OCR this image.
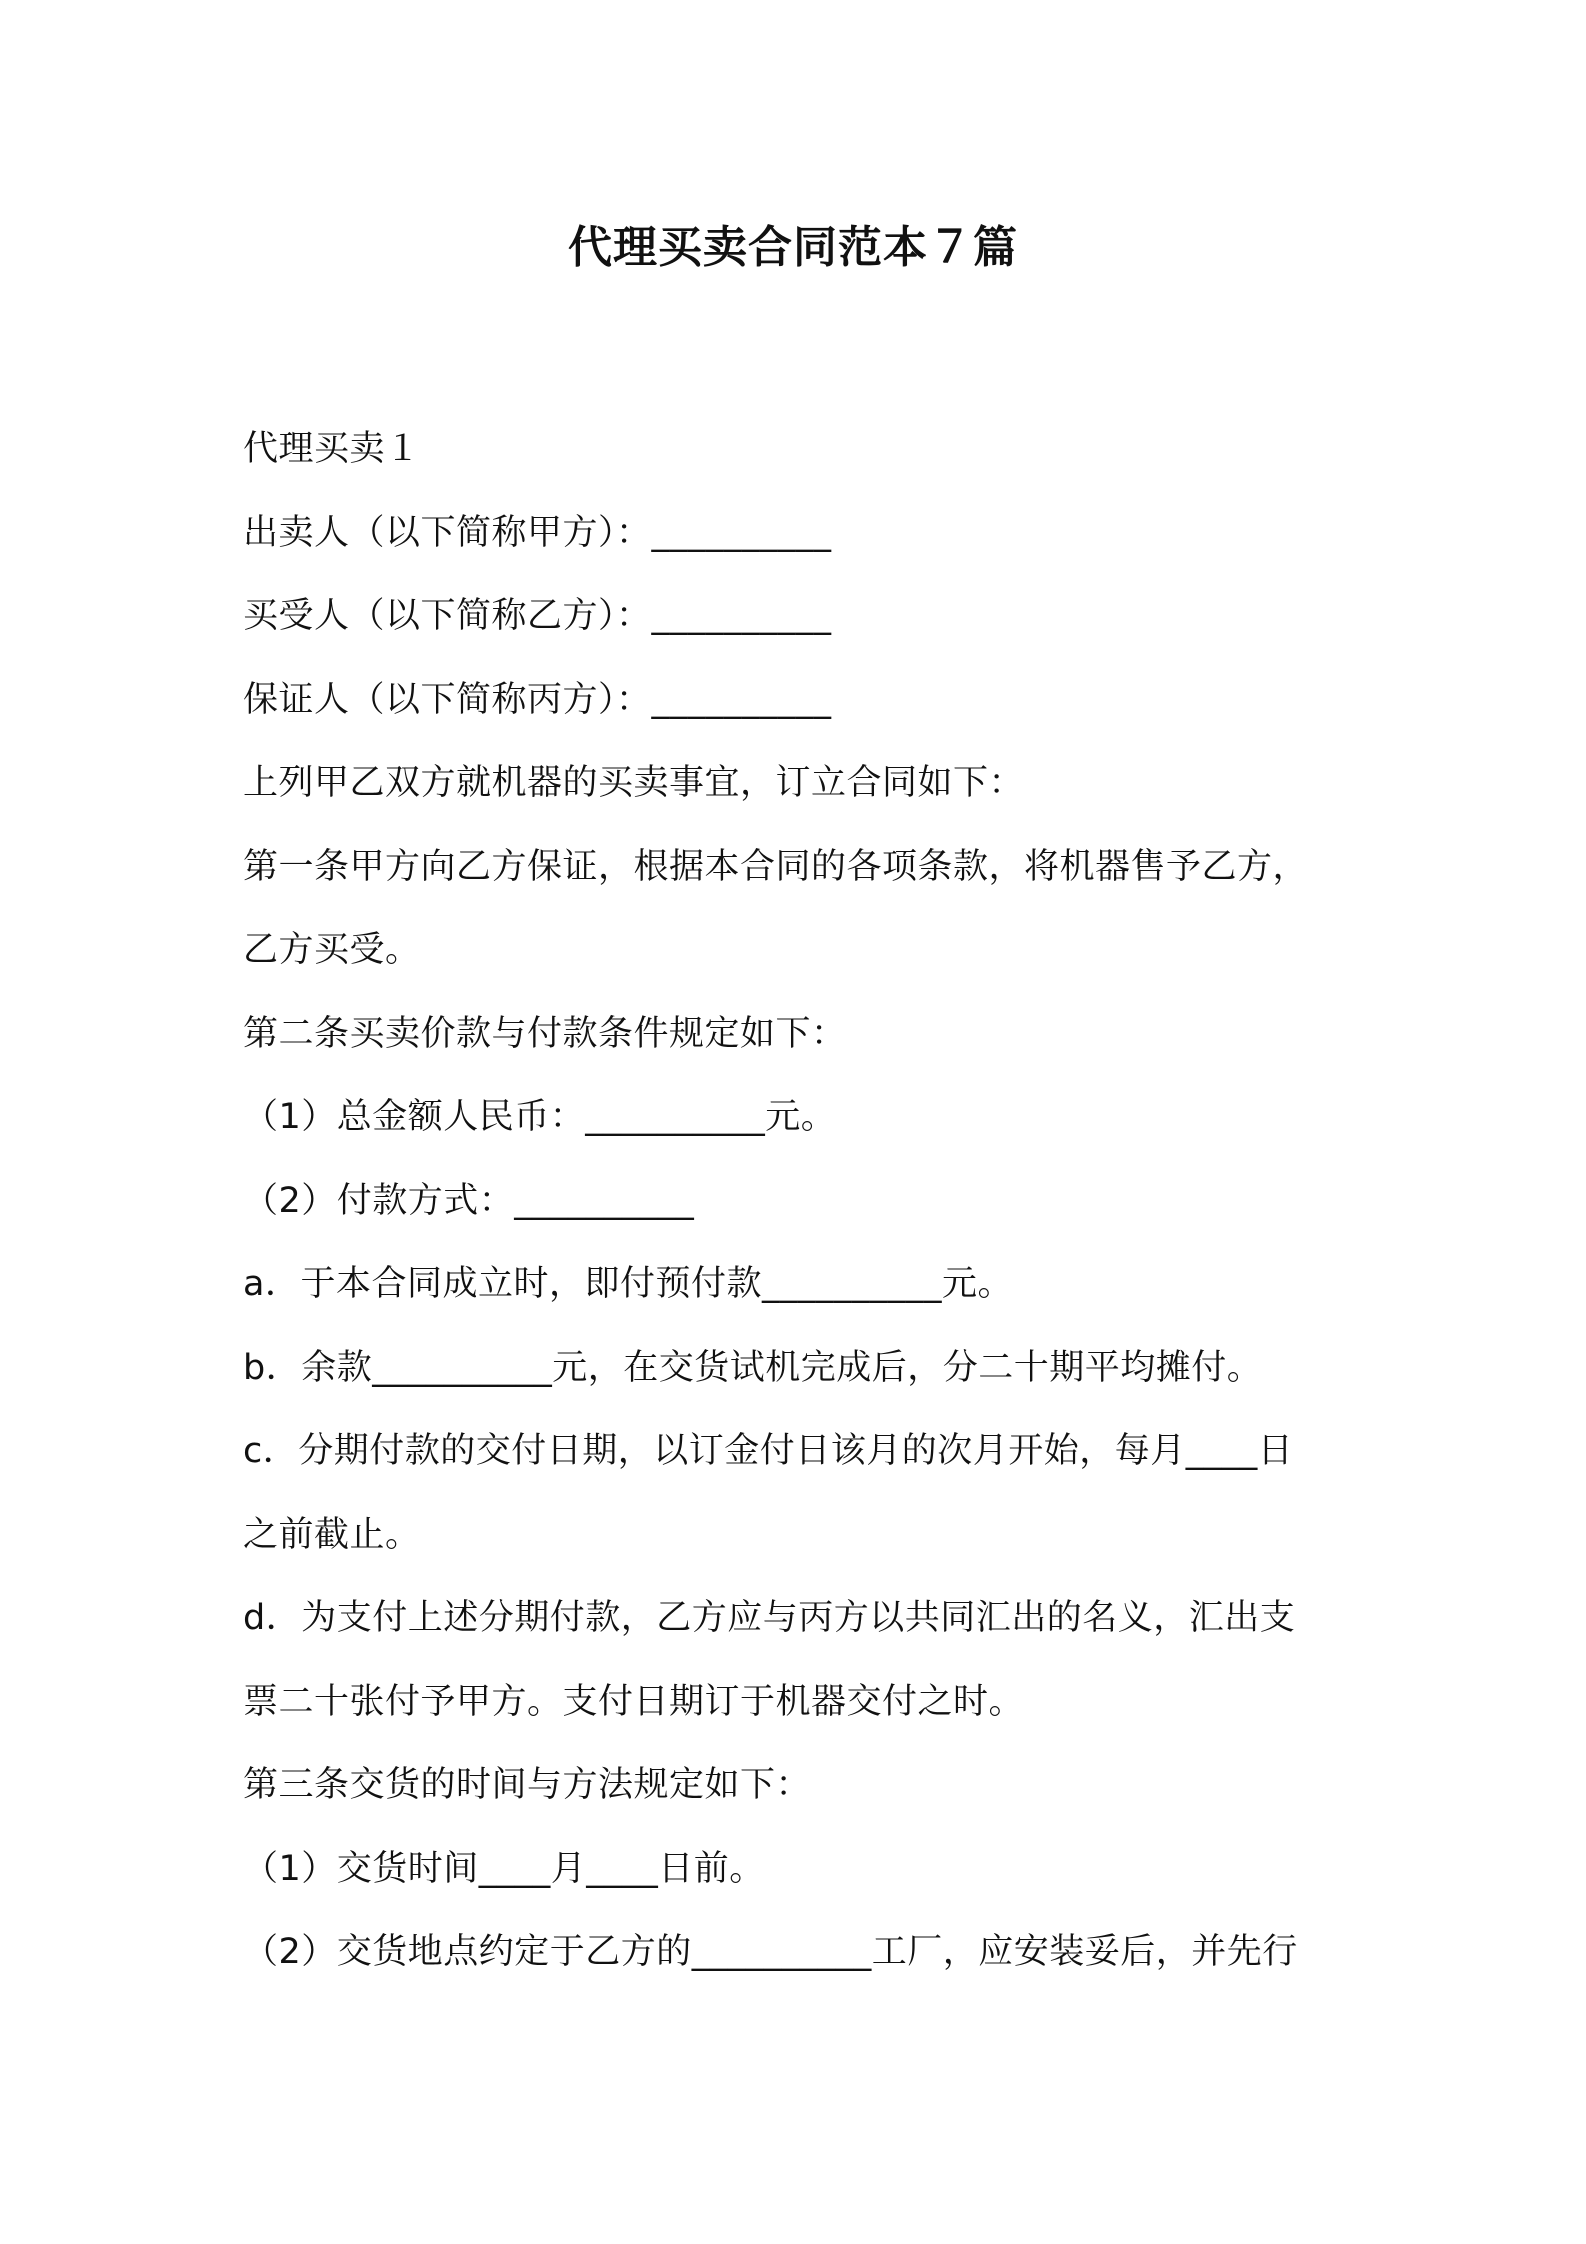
代理买卖合同范本７篇
代理买卖１
出卖人（以下简称甲方）：__________
买受人（以下简称乙方）：__________
保证人（以下简称丙方）：__________
上列甲乙双方就机器的买卖事宜，订立合同如下：
第一条甲方向乙方保证，根据本合同的各项条款，将机器售予乙方，
乙方买受。
第二条买卖价款与付款条件规定如下：
（1）总金额人民币：__________元。
（2）付款方式：__________
a．于本合同成立时，即付预付款__________元。
b．余款__________元，在交货试机完成后，分二十期平均摊付。
c．分期付款的交付日期，以订金付日该月的次月开始，每月____日
之前截止。
d．为支付上述分期付款，乙方应与丙方以共同汇出的名义，汇出支
票二十张付予甲方。支付日期订于机器交付之时。
第三条交货的时间与方法规定如下：
（1）交货时间____月____日前。
（2）交货地点约定于乙方的__________工厂，应安装妥后，并先行
